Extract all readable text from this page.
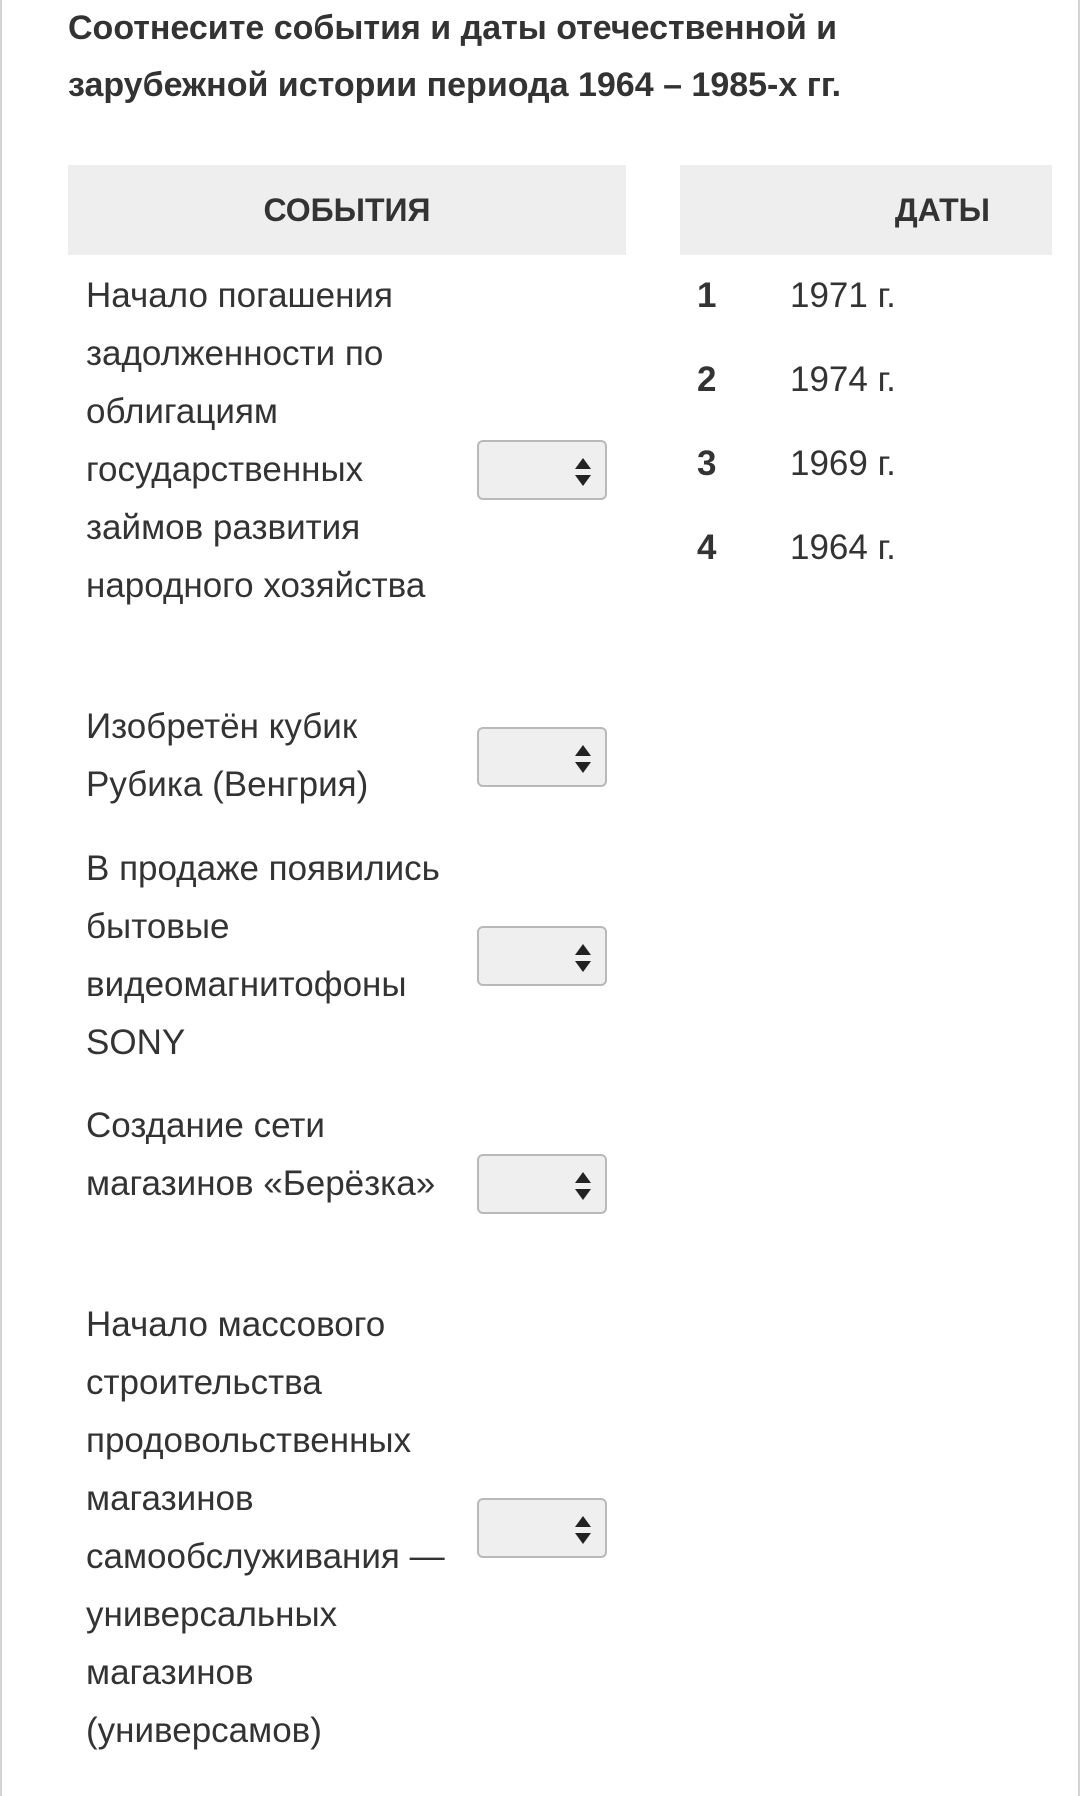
Соотнесите события и даты отечественной и зарубежной истории периода 1964 – 1985-х гг.

СОБЫТИЯ	ДАТЫ
Начало погашения задолженности по облигациям государственных займов развития народного хозяйства
Изобретён кубик Рубика (Венгрия)
В продаже появились бытовые видеомагнитофоны SONY
Создание сети магазинов «Берёзка»
Начало массового строительства продовольственных магазинов самообслуживания — универсальных магазинов (универсамов)
1 1971 г.
2 1974 г.
3 1969 г.
4 1964 г.
